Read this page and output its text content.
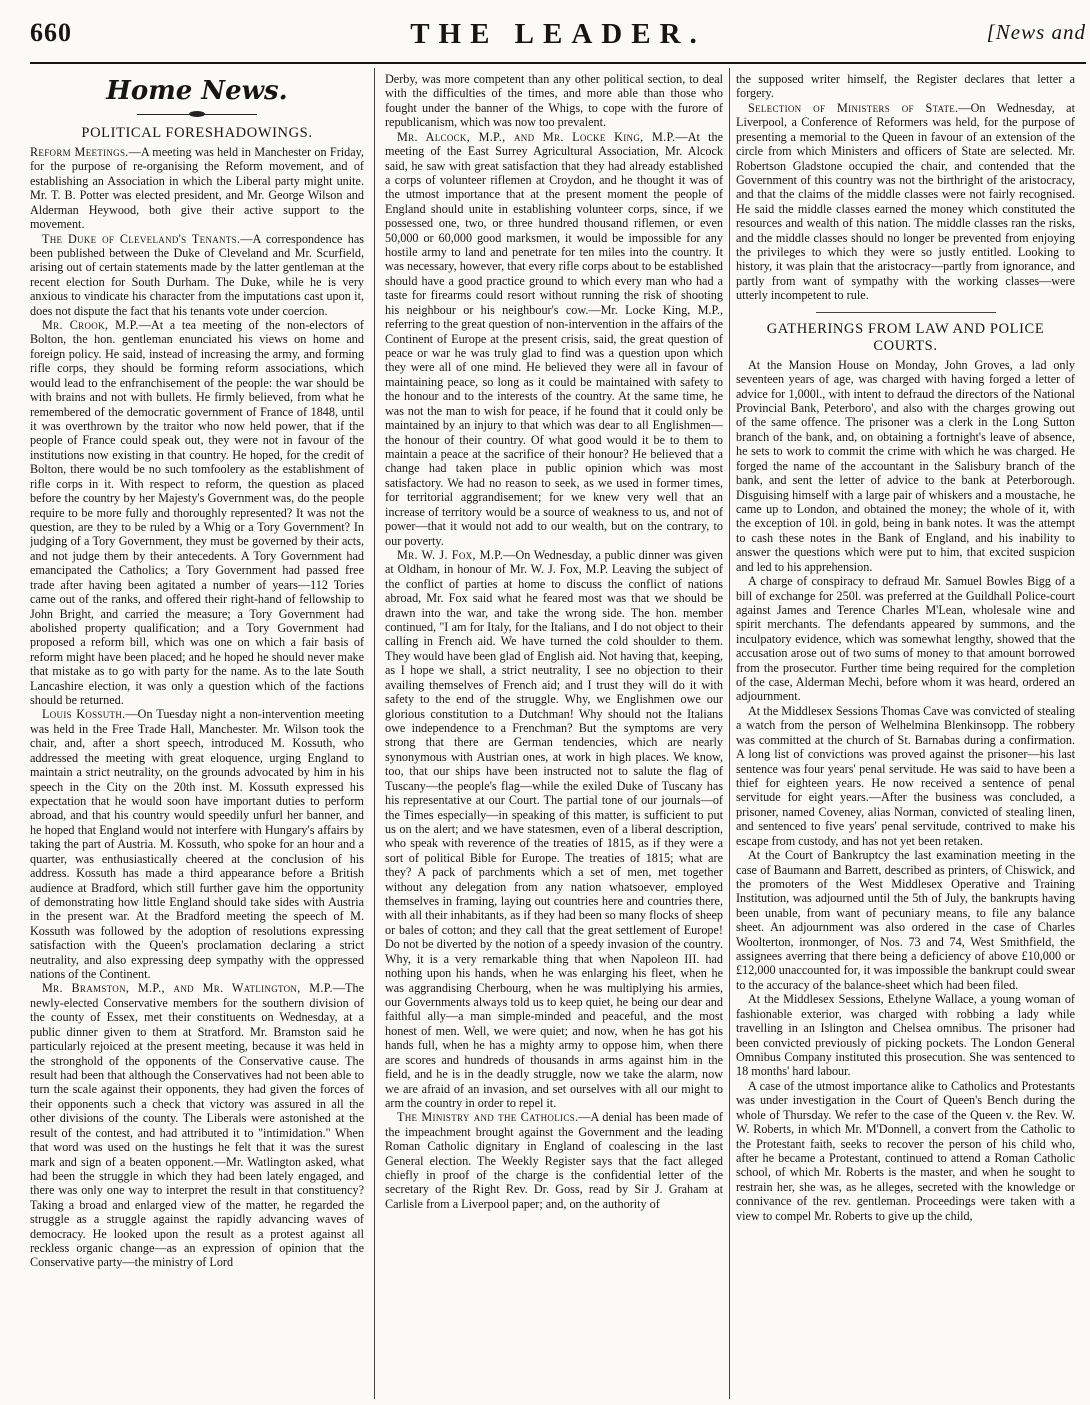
660	THE LEADER.	[News and
Home News.
POLITICAL FORESHADOWINGS.

Reform Meetings.—A meeting was held in Manchester on Friday, for the purpose of re-organising the Reform movement, and of establishing an Association in which the Liberal party might unite. Mr. T. B. Potter was elected president, and Mr. George Wilson and Alderman Heywood, both give their active support to the movement.

The Duke of Cleveland's Tenants.—A correspondence has been published between the Duke of Cleveland and Mr. Scurfield, arising out of certain statements made by the latter gentleman at the recent election for South Durham. The Duke, while he is very anxious to vindicate his character from the imputations cast upon it, does not dispute the fact that his tenants vote under coercion.

Mr. Crook, M.P.—At a tea meeting of the non-electors of Bolton, the hon. gentleman enunciated his views on home and foreign policy. He said, instead of increasing the army, and forming rifle corps, they should be forming reform associations, which would lead to the enfranchisement of the people: the war should be with brains and not with bullets. He firmly believed, from what he remembered of the democratic government of France of 1848, until it was overthrown by the traitor who now held power, that if the people of France could speak out, they were not in favour of the institutions now existing in that country. He hoped, for the credit of Bolton, there would be no such tomfoolery as the establishment of rifle corps in it. With respect to reform, the question as placed before the country by her Majesty's Government was, do the people require to be more fully and thoroughly represented? It was not the question, are they to be ruled by a Whig or a Tory Government? In judging of a Tory Government, they must be governed by their acts, and not judge them by their antecedents. A Tory Government had emancipated the Catholics; a Tory Government had passed free trade after having been agitated a number of years—112 Tories came out of the ranks, and offered their right-hand of fellowship to John Bright, and carried the measure; a Tory Government had abolished property qualification; and a Tory Government had proposed a reform bill, which was one on which a fair basis of reform might have been placed; and he hoped he should never make that mistake as to go with party for the name. As to the late South Lancashire election, it was only a question which of the factions should be returned.

Louis Kossuth.—On Tuesday night a non-intervention meeting was held in the Free Trade Hall, Manchester. Mr. Wilson took the chair, and, after a short speech, introduced M. Kossuth, who addressed the meeting with great eloquence, urging England to maintain a strict neutrality, on the grounds advocated by him in his speech in the City on the 20th inst. M. Kossuth expressed his expectation that he would soon have important duties to perform abroad, and that his country would speedily unfurl her banner, and he hoped that England would not interfere with Hungary's affairs by taking the part of Austria. M. Kossuth, who spoke for an hour and a quarter, was enthusiastically cheered at the conclusion of his address. Kossuth has made a third appearance before a British audience at Bradford, which still further gave him the opportunity of demonstrating how little England should take sides with Austria in the present war. At the Bradford meeting the speech of M. Kossuth was followed by the adoption of resolutions expressing satisfaction with the Queen's proclamation declaring a strict neutrality, and also expressing deep sympathy with the oppressed nations of the Continent.

Mr. Bramston, M.P., and Mr. Watlington, M.P.—The newly-elected Conservative members for the southern division of the county of Essex, met their constituents on Wednesday, at a public dinner given to them at Stratford. Mr. Bramston said he particularly rejoiced at the present meeting, because it was held in the stronghold of the opponents of the Conservative cause. The result had been that although the Conservatives had not been able to turn the scale against their opponents, they had given the forces of their opponents such a check that victory was assured in all the other divisions of the county. The Liberals were astonished at the result of the contest, and had attributed it to "intimidation." When that word was used on the hustings he felt that it was the surest mark and sign of a beaten opponent.—Mr. Watlington asked, what had been the struggle in which they had been lately engaged, and there was only one way to interpret the result in that constituency? Taking a broad and enlarged view of the matter, he regarded the struggle as a struggle against the rapidly advancing waves of democracy. He looked upon the result as a protest against all reckless organic change—as an expression of opinion that the Conservative party—the ministry of Lord

Derby, was more competent than any other political section, to deal with the difficulties of the times, and more able than those who fought under the banner of the Whigs, to cope with the furore of republicanism, which was now too prevalent.

Mr. Alcock, M.P., and Mr. Locke King, M.P.—At the meeting of the East Surrey Agricultural Association, Mr. Alcock said, he saw with great satisfaction that they had already established a corps of volunteer riflemen at Croydon, and he thought it was of the utmost importance that at the present moment the people of England should unite in establishing volunteer corps, since, if we possessed one, two, or three hundred thousand riflemen, or even 50,000 or 60,000 good marksmen, it would be impossible for any hostile army to land and penetrate for ten miles into the country. It was necessary, however, that every rifle corps about to be established should have a good practice ground to which every man who had a taste for firearms could resort without running the risk of shooting his neighbour or his neighbour's cow.—Mr. Locke King, M.P., referring to the great question of non-intervention in the affairs of the Continent of Europe at the present crisis, said, the great question of peace or war he was truly glad to find was a question upon which they were all of one mind. He believed they were all in favour of maintaining peace, so long as it could be maintained with safety to the honour and to the interests of the country. At the same time, he was not the man to wish for peace, if he found that it could only be maintained by an injury to that which was dear to all Englishmen—the honour of their country. Of what good would it be to them to maintain a peace at the sacrifice of their honour? He believed that a change had taken place in public opinion which was most satisfactory. We had no reason to seek, as we used in former times, for territorial aggrandisement; for we knew very well that an increase of territory would be a source of weakness to us, and not of power—that it would not add to our wealth, but on the contrary, to our poverty.

Mr. W. J. Fox, M.P.—On Wednesday, a public dinner was given at Oldham, in honour of Mr. W. J. Fox, M.P. Leaving the subject of the conflict of parties at home to discuss the conflict of nations abroad, Mr. Fox said what he feared most was that we should be drawn into the war, and take the wrong side. The hon. member continued, "I am for Italy, for the Italians, and I do not object to their calling in French aid. We have turned the cold shoulder to them. They would have been glad of English aid. Not having that, keeping, as I hope we shall, a strict neutrality, I see no objection to their availing themselves of French aid; and I trust they will do it with safety to the end of the struggle. Why, we Englishmen owe our glorious constitution to a Dutchman! Why should not the Italians owe independence to a Frenchman? But the symptoms are very strong that there are German tendencies, which are nearly synonymous with Austrian ones, at work in high places. We know, too, that our ships have been instructed not to salute the flag of Tuscany—the people's flag—while the exiled Duke of Tuscany has his representative at our Court. The partial tone of our journals—of the Times especially—in speaking of this matter, is sufficient to put us on the alert; and we have statesmen, even of a liberal description, who speak with reverence of the treaties of 1815, as if they were a sort of political Bible for Europe. The treaties of 1815; what are they? A pack of parchments which a set of men, met together without any delegation from any nation whatsoever, employed themselves in framing, laying out countries here and countries there, with all their inhabitants, as if they had been so many flocks of sheep or bales of cotton; and they call that the great settlement of Europe! Do not be diverted by the notion of a speedy invasion of the country. Why, it is a very remarkable thing that when Napoleon III. had nothing upon his hands, when he was enlarging his fleet, when he was aggrandising Cherbourg, when he was multiplying his armies, our Governments always told us to keep quiet, he being our dear and faithful ally—a man simple-minded and peaceful, and the most honest of men. Well, we were quiet; and now, when he has got his hands full, when he has a mighty army to oppose him, when there are scores and hundreds of thousands in arms against him in the field, and he is in the deadly struggle, now we take the alarm, now we are afraid of an invasion, and set ourselves with all our might to arm the country in order to repel it.

The Ministry and the Catholics.—A denial has been made of the impeachment brought against the Government and the leading Roman Catholic dignitary in England of coalescing in the last General election. The Weekly Register says that the fact alleged chiefly in proof of the charge is the confidential letter of the secretary of the Right Rev. Dr. Goss, read by Sir J. Graham at Carlisle from a Liverpool paper; and, on the authority of

the supposed writer himself, the Register declares that letter a forgery.

Selection of Ministers of State.—On Wednesday, at Liverpool, a Conference of Reformers was held, for the purpose of presenting a memorial to the Queen in favour of an extension of the circle from which Ministers and officers of State are selected. Mr. Robertson Gladstone occupied the chair, and contended that the Government of this country was not the birthright of the aristocracy, and that the claims of the middle classes were not fairly recognised. He said the middle classes earned the money which constituted the resources and wealth of this nation. The middle classes ran the risks, and the middle classes should no longer be prevented from enjoying the privileges to which they were so justly entitled. Looking to history, it was plain that the aristocracy—partly from ignorance, and partly from want of sympathy with the working classes—were utterly incompetent to rule.

GATHERINGS FROM LAW AND POLICE COURTS.

At the Mansion House on Monday, John Groves, a lad only seventeen years of age, was charged with having forged a letter of advice for 1,000l., with intent to defraud the directors of the National Provincial Bank, Peterboro', and also with the charges growing out of the same offence. The prisoner was a clerk in the Long Sutton branch of the bank, and, on obtaining a fortnight's leave of absence, he sets to work to commit the crime with which he was charged. He forged the name of the accountant in the Salisbury branch of the bank, and sent the letter of advice to the bank at Peterborough. Disguising himself with a large pair of whiskers and a moustache, he came up to London, and obtained the money; the whole of it, with the exception of 10l. in gold, being in bank notes. It was the attempt to cash these notes in the Bank of England, and his inability to answer the questions which were put to him, that excited suspicion and led to his apprehension.

A charge of conspiracy to defraud Mr. Samuel Bowles Bigg of a bill of exchange for 250l. was preferred at the Guildhall Police-court against James and Terence Charles M'Lean, wholesale wine and spirit merchants. The defendants appeared by summons, and the inculpatory evidence, which was somewhat lengthy, showed that the accusation arose out of two sums of money to that amount borrowed from the prosecutor. Further time being required for the completion of the case, Alderman Mechi, before whom it was heard, ordered an adjournment.

At the Middlesex Sessions Thomas Cave was convicted of stealing a watch from the person of Welhelmina Blenkinsopp. The robbery was committed at the church of St. Barnabas during a confirmation. A long list of convictions was proved against the prisoner—his last sentence was four years' penal servitude. He was said to have been a thief for eighteen years. He now received a sentence of penal servitude for eight years.—After the business was concluded, a prisoner, named Coveney, alias Norman, convicted of stealing linen, and sentenced to five years' penal servitude, contrived to make his escape from custody, and has not yet been retaken.

At the Court of Bankruptcy the last examination meeting in the case of Baumann and Barrett, described as printers, of Chiswick, and the promoters of the West Middlesex Operative and Training Institution, was adjourned until the 5th of July, the bankrupts having been unable, from want of pecuniary means, to file any balance sheet. An adjournment was also ordered in the case of Charles Woolterton, ironmonger, of Nos. 73 and 74, West Smithfield, the assignees averring that there being a deficiency of above £10,000 or £12,000 unaccounted for, it was impossible the bankrupt could swear to the accuracy of the balance-sheet which had been filed.

At the Middlesex Sessions, Ethelyne Wallace, a young woman of fashionable exterior, was charged with robbing a lady while travelling in an Islington and Chelsea omnibus. The prisoner had been convicted previously of picking pockets. The London General Omnibus Company instituted this prosecution. She was sentenced to 18 months' hard labour.

A case of the utmost importance alike to Catholics and Protestants was under investigation in the Court of Queen's Bench during the whole of Thursday. We refer to the case of the Queen v. the Rev. W. W. Roberts, in which Mr. M'Donnell, a convert from the Catholic to the Protestant faith, seeks to recover the person of his child who, after he became a Protestant, continued to attend a Roman Catholic school, of which Mr. Roberts is the master, and when he sought to restrain her, she was, as he alleges, secreted with the knowledge or connivance of the rev. gentleman. Proceedings were taken with a view to compel Mr. Roberts to give up the child,
